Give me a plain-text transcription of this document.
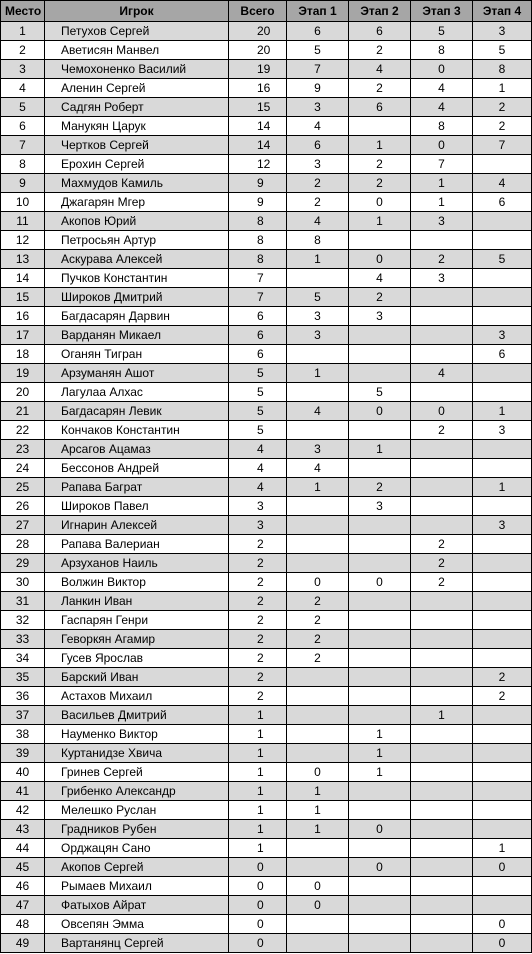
Место	Игрок	Всего	Этап 1	Этап 2	Этап 3	Этап 4
1	Петухов Сергей	20	6	6	5	3
2	Аветисян Манвел	20	5	2	8	5
3	Чемохоненко Василий	19	7	4	0	8
4	Аленин Сергей	16	9	2	4	1
5	Садгян Роберт	15	3	6	4	2
6	Манукян Царук	14	4		8	2
7	Чертков Сергей	14	6	1	0	7
8	Ерохин Сергей	12	3	2	7	
9	Махмудов Камиль	9	2	2	1	4
10	Джагарян Мгер	9	2	0	1	6
11	Акопов Юрий	8	4	1	3	
12	Петросьян Артур	8	8			
13	Аскурава Алексей	8	1	0	2	5
14	Пучков Константин	7		4	3	
15	Широков Дмитрий	7	5	2		
16	Багдасарян Дарвин	6	3	3		
17	Варданян Микаел	6	3			3
18	Оганян Тигран	6				6
19	Арзуманян Ашот	5	1		4	
20	Лагулаа Алхас	5		5		
21	Багдасарян Левик	5	4	0	0	1
22	Кончаков Константин	5			2	3
23	Арсагов Ацамаз	4	3	1		
24	Бессонов Андрей	4	4			
25	Рапава Баграт	4	1	2		1
26	Широков Павел	3		3		
27	Игнарин Алексей	3				3
28	Рапава Валериан	2			2	
29	Арзуханов Наиль	2			2	
30	Волжин Виктор	2	0	0	2	
31	Ланкин Иван	2	2			
32	Гаспарян Генри	2	2			
33	Геворкян Агамир	2	2			
34	Гусев Ярослав	2	2			
35	Барский Иван	2				2
36	Астахов Михаил	2				2
37	Васильев Дмитрий	1			1	
38	Науменко Виктор	1		1		
39	Куртанидзе Хвича	1		1		
40	Гринев Сергей	1	0	1		
41	Грибенко Александр	1	1			
42	Мелешко Руслан	1	1			
43	Градников Рубен	1	1	0		
44	Орджацян Сано	1				1
45	Акопов Сергей	0		0		0
46	Рымаев Михаил	0	0			
47	Фатыхов Айрат	0	0			
48	Овсепян Эмма	0				0
49	Вартанянц Сергей	0				0
